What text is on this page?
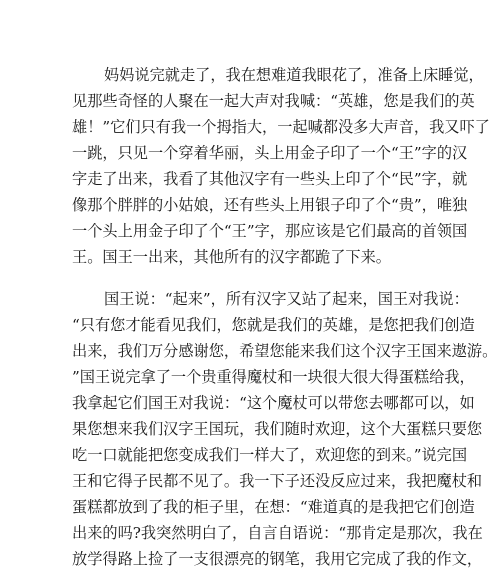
妈妈说完就走了，我在想难道我眼花了，准备上床睡觉，
见那些奇怪的人聚在一起大声对我喊：“英雄，您是我们的英
雄！”它们只有我一个拇指大，一起喊都没多大声音，我又吓了
一跳，只见一个穿着华丽，头上用金子印了一个“王”字的汉
字走了出来，我看了其他汉字有一些头上印了个“民”字，就
像那个胖胖的小姑娘，还有些头上用银子印了个“贵”，唯独
一个头上用金子印了个“王”字，那应该是它们最高的首领国
王。国王一出来，其他所有的汉字都跪了下来。
国王说：“起来”，所有汉字又站了起来，国王对我说：
“只有您才能看见我们，您就是我们的英雄，是您把我们创造
出来，我们万分感谢您，希望您能来我们这个汉字王国来遨游。
”国王说完拿了一个贵重得魔杖和一块很大很大得蛋糕给我，
我拿起它们国王对我说：“这个魔杖可以带您去哪都可以，如
果您想来我们汉字王国玩，我们随时欢迎，这个大蛋糕只要您
吃一口就能把您变成我们一样大了，欢迎您的到来。”说完国
王和它得子民都不见了。我一下子还没反应过来，我把魔杖和
蛋糕都放到了我的柜子里，在想：“难道真的是我把它们创造
出来的吗?我突然明白了，自言自语说：“那肯定是那次，我在
放学得路上捡了一支很漂亮的钢笔，我用它完成了我的作文，
